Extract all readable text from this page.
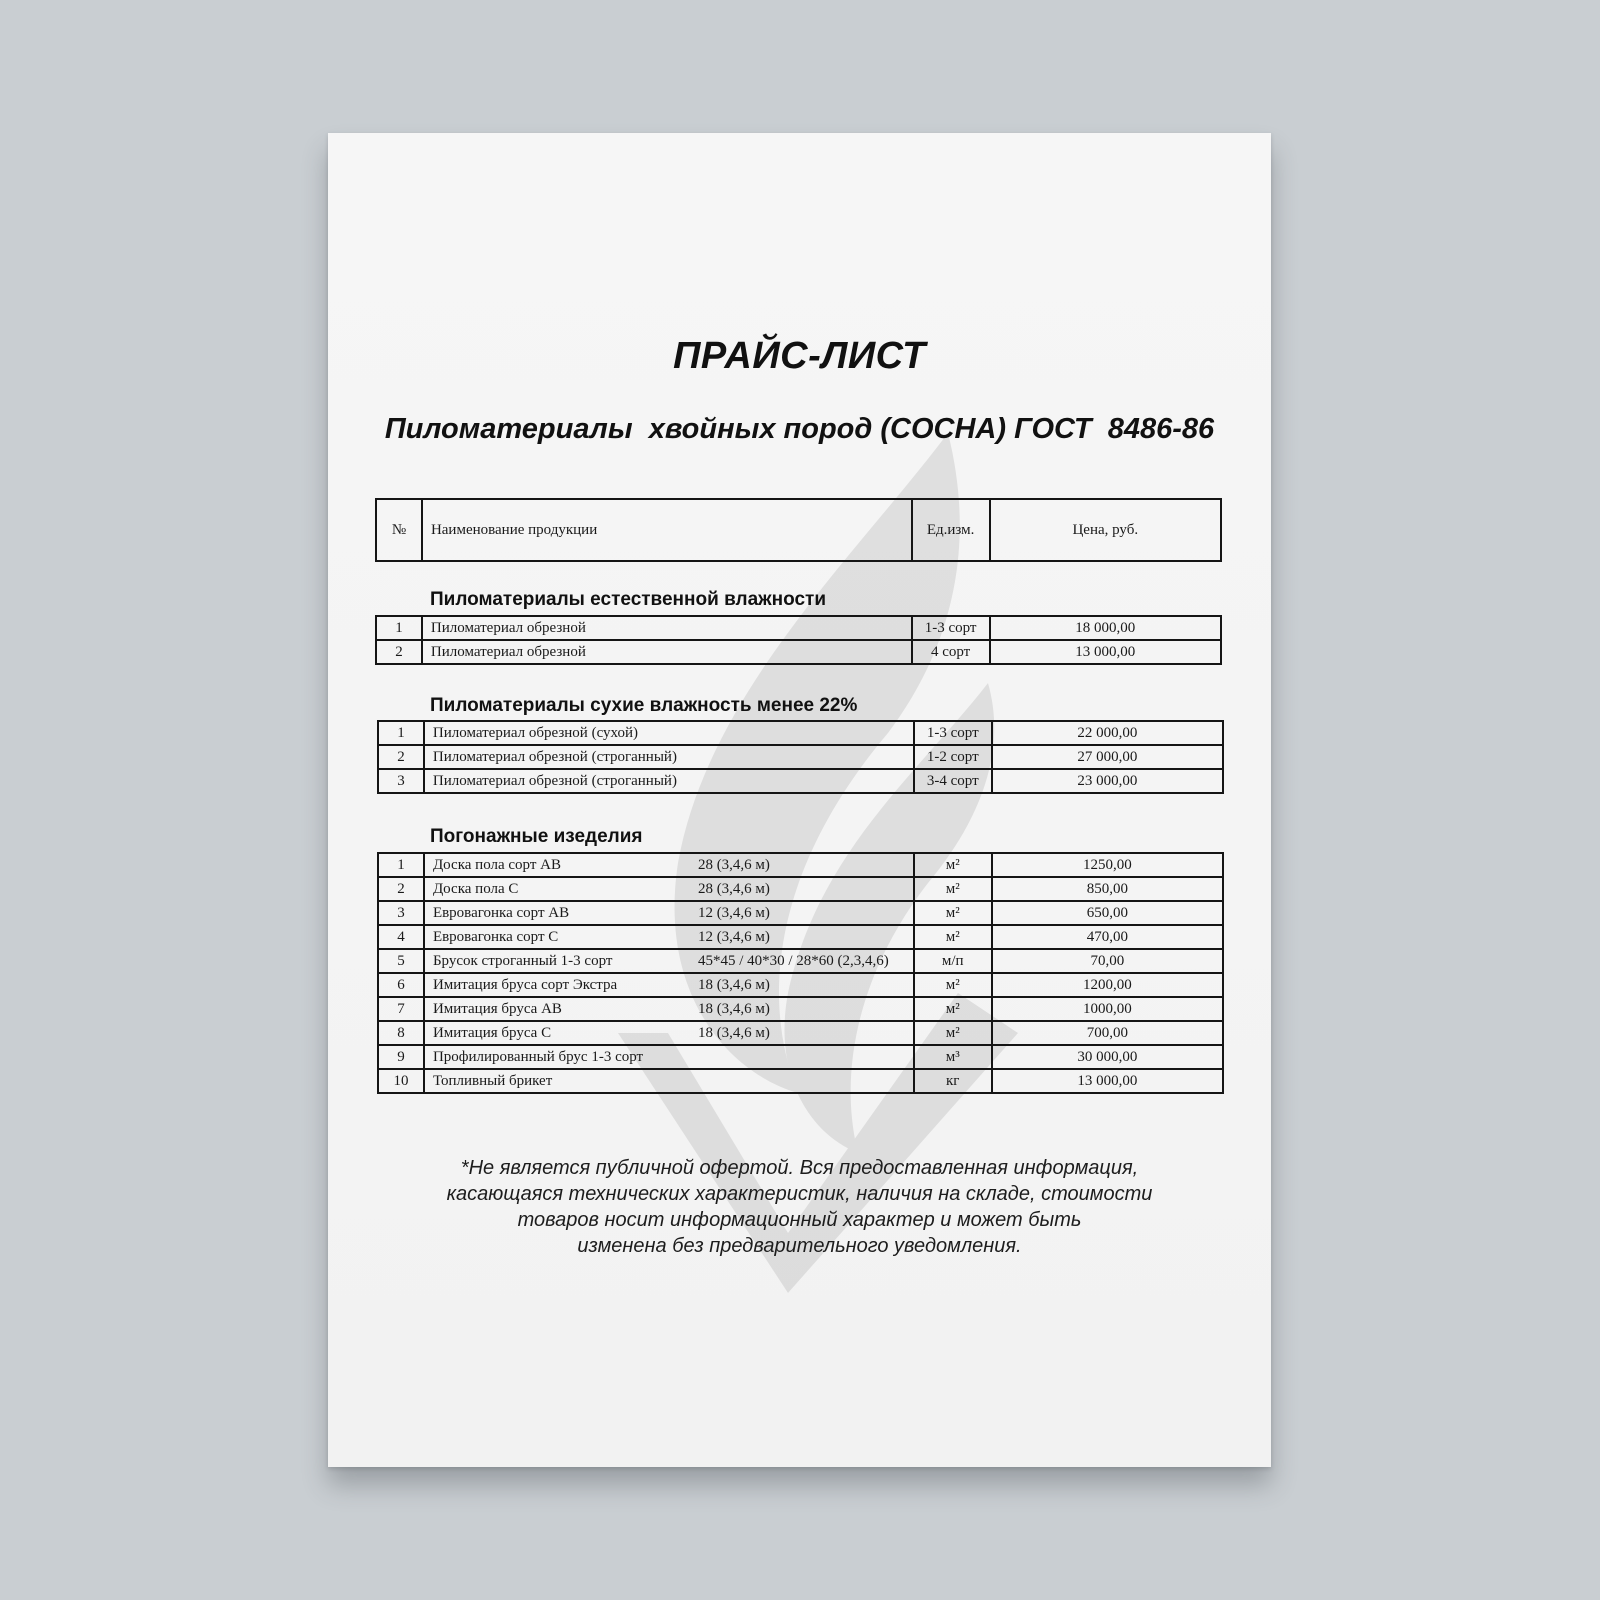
ПРАЙС-ЛИСТ
Пиломатериалы  хвойных пород (СОСНА) ГОСТ  8486-86
№	Наименование продукции	Ед.изм.	Цена, руб.
Пиломатериалы естественной влажности
1	Пиломатериал обрезной	1-3 сорт	18 000,00
2	Пиломатериал обрезной	4 сорт	13 000,00
Пиломатериалы сухие влажность менее 22%
1	Пиломатериал обрезной (сухой)	1-3 сорт	22 000,00
2	Пиломатериал обрезной (строганный)	1-2 сорт	27 000,00
3	Пиломатериал обрезной (строганный)	3-4 сорт	23 000,00
Погонажные изеделия
1	Доска пола сорт АВ 28 (3,4,6 м)	м²	1250,00
2	Доска пола С 28 (3,4,6 м)	м²	850,00
3	Евровагонка сорт АВ 12 (3,4,6 м)	м²	650,00
4	Евровагонка сорт С 12 (3,4,6 м)	м²	470,00
5	Брусок строганный 1-3 сорт 45*45 / 40*30 / 28*60 (2,3,4,6)	м/п	70,00
6	Имитация бруса сорт Экстра 18 (3,4,6 м)	м²	1200,00
7	Имитация бруса АВ 18 (3,4,6 м)	м²	1000,00
8	Имитация бруса С 18 (3,4,6 м)	м²	700,00
9	Профилированный брус 1-3 сорт	м³	30 000,00
10	Топливный брикет	кг	13 000,00
*Не является публичной офертой. Вся предоставленная информация,
касающаяся технических характеристик, наличия на складе, стоимости
товаров носит информационный характер и может быть
изменена без предварительного уведомления.
